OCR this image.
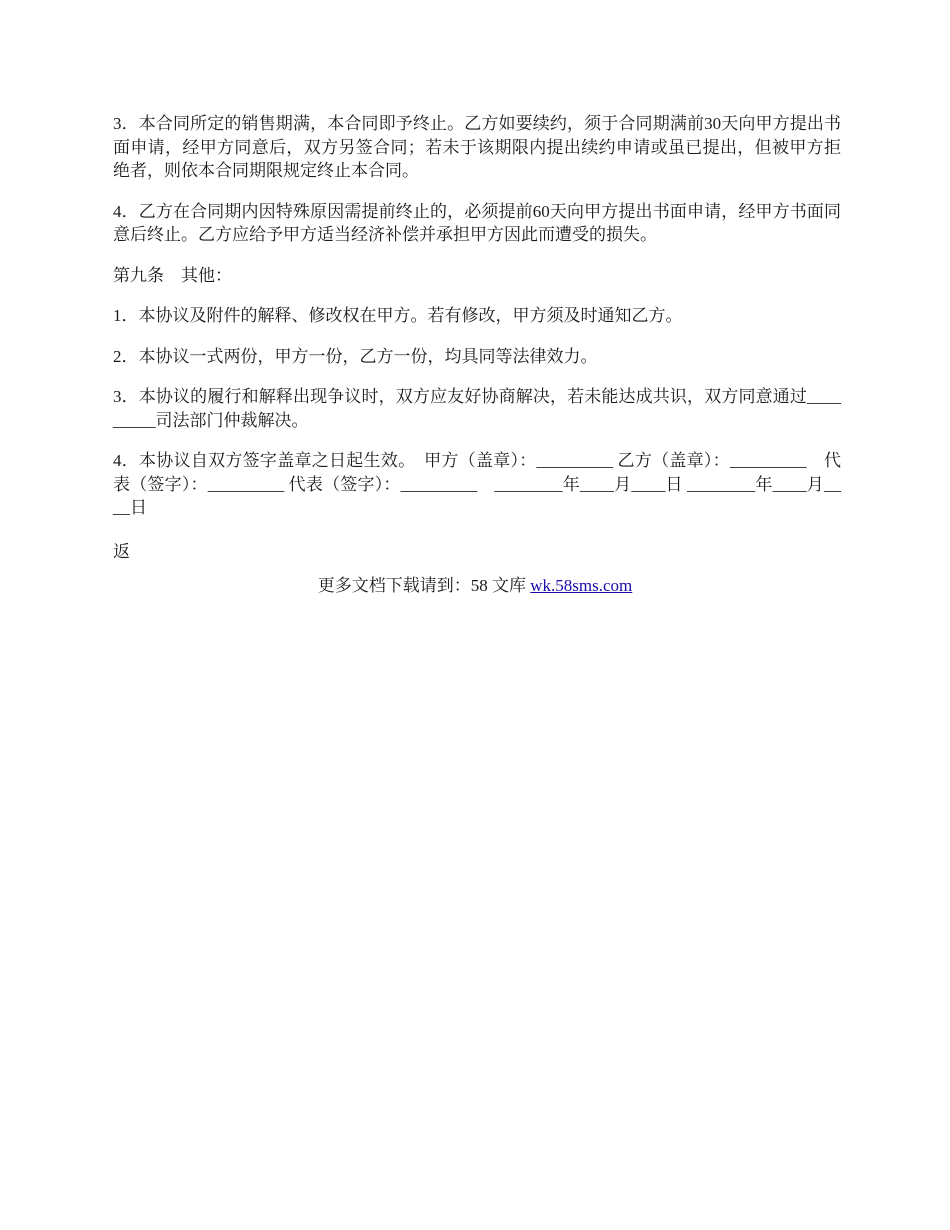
3．本合同所定的销售期满，本合同即予终止。乙方如要续约，须于合同期满前30天向甲方提出书面申请，经甲方同意后，双方另签合同；若未于该期限内提出续约申请或虽已提出，但被甲方拒绝者，则依本合同期限规定终止本合同。

4．乙方在合同期内因特殊原因需提前终止的，必须提前60天向甲方提出书面申请，经甲方书面同意后终止。乙方应给予甲方适当经济补偿并承担甲方因此而遭受的损失。

第九条　其他：

1．本协议及附件的解释、修改权在甲方。若有修改，甲方须及时通知乙方。

2．本协议一式两份，甲方一份，乙方一份，均具同等法律效力。

3．本协议的履行和解释出现争议时，双方应友好协商解决，若未能达成共识，双方同意通过_________司法部门仲裁解决。

4．本协议自双方签字盖章之日起生效。　甲方（盖章）：_________ 乙方（盖章）：_________　代表（签字）：_________ 代表（签字）：_________　________年____月____日 ________年____月____日

返

更多文档下载请到：58 文库 wk.58sms.com
